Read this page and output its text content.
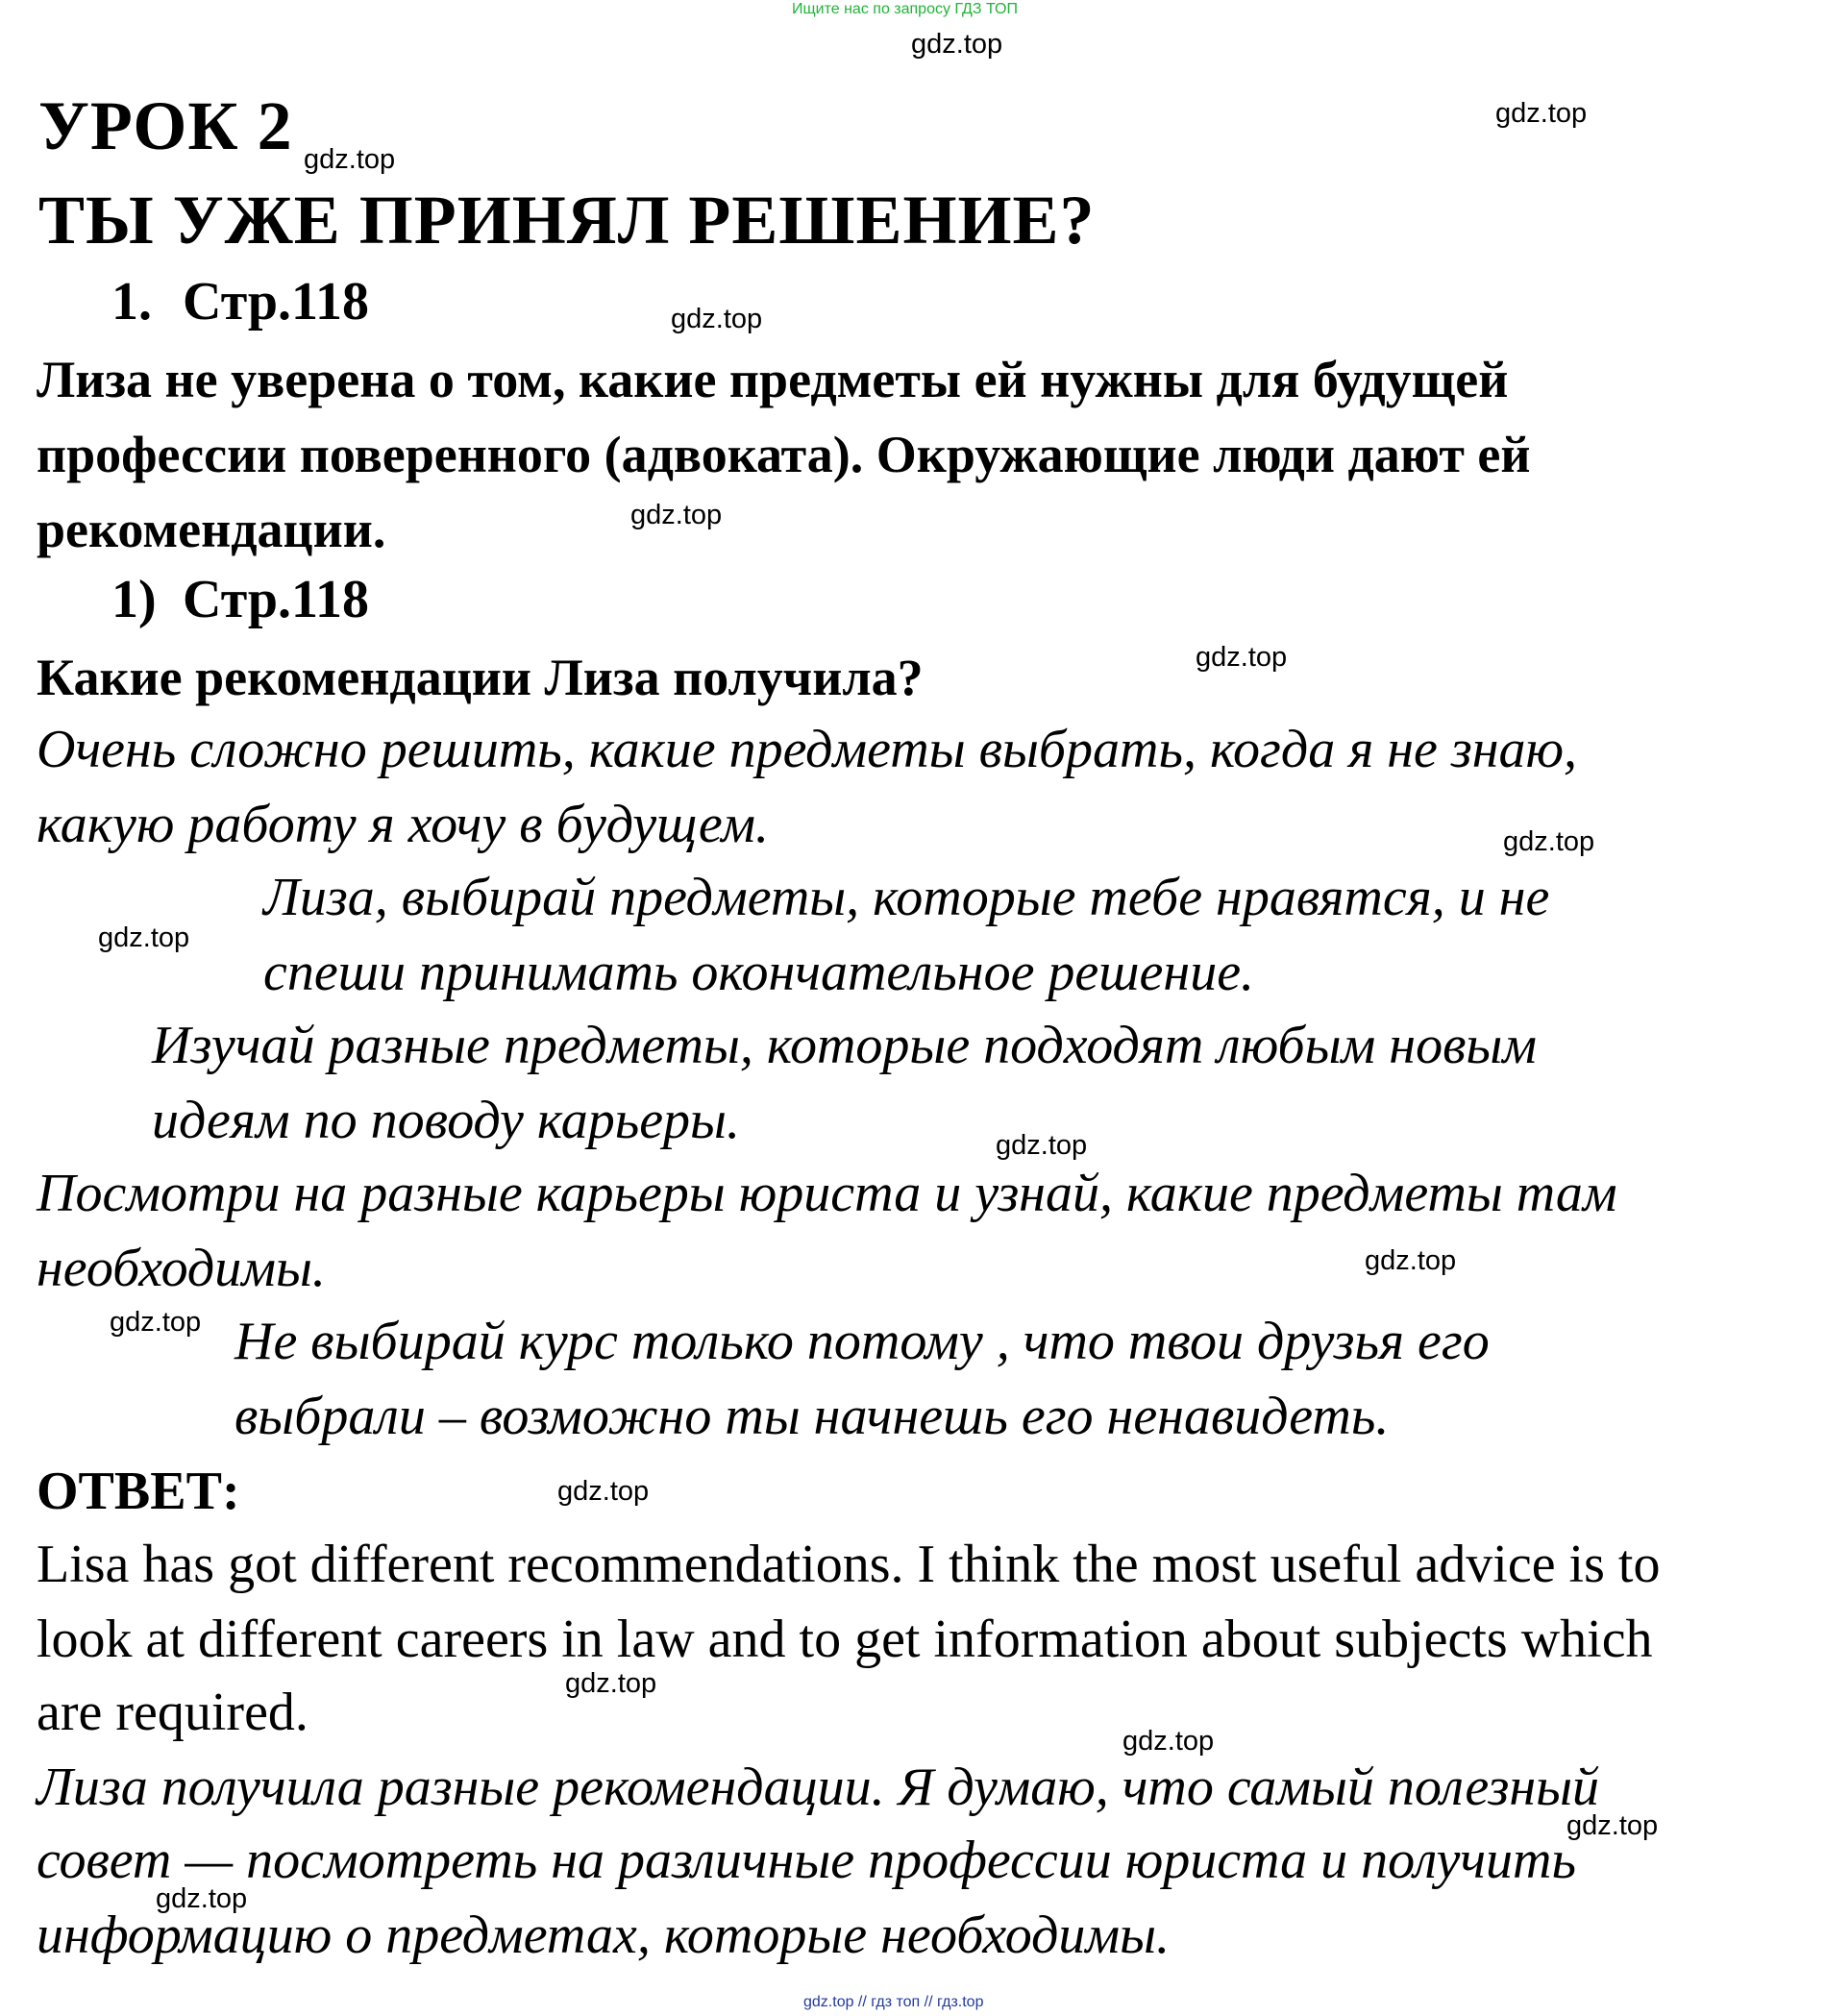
Ищите нас по запросу ГДЗ ТОП
УРОК 2
ТЫ УЖЕ ПРИНЯЛ РЕШЕНИЕ?
1. Стр.118
Лиза не уверена о том, какие предметы ей нужны для будущей
профессии поверенного (адвоката). Окружающие люди дают ей
рекомендации.
1) Стр.118
Какие рекомендации Лиза получила?
Очень сложно решить, какие предметы выбрать, когда я не знаю,
какую работу я хочу в будущем.
Лиза, выбирай предметы, которые тебе нравятся, и не
спеши принимать окончательное решение.
Изучай разные предметы, которые подходят любым новым
идеям по поводу карьеры.
Посмотри на разные карьеры юриста и узнай, какие предметы там
необходимы.
Не выбирай курс только потому , что твои друзья его
выбрали – возможно ты начнешь его ненавидеть.
ОТВЕТ:
Lisa has got different recommendations. I think the most useful advice is to
look at different careers in law and to get information about subjects which
are required.
Лиза получила разные рекомендации. Я думаю, что самый полезный
совет — посмотреть на различные профессии юриста и получить
информацию о предметах, которые необходимы.
gdz.top
gdz.top
gdz.top
gdz.top
gdz.top
gdz.top
gdz.top
gdz.top
gdz.top
gdz.top
gdz.top
gdz.top
gdz.top
gdz.top
gdz.top
gdz.top
gdz.top // гдз топ // гдз.top
